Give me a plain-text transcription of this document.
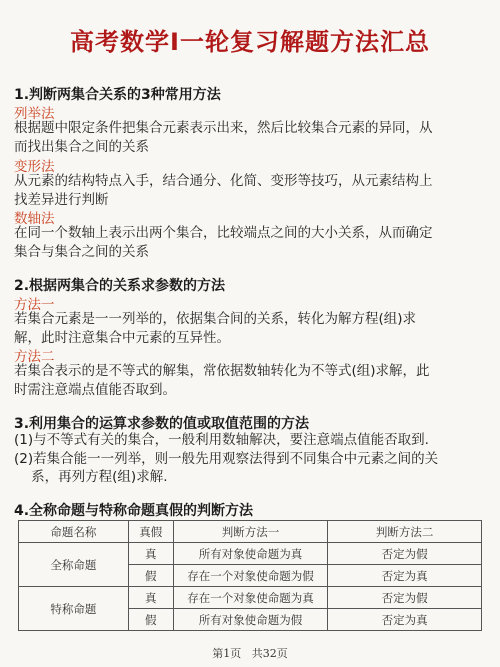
高考数学I一轮复习解题方法汇总
1.判断两集合关系的3种常用方法
列举法
根据题中限定条件把集合元素表示出来，然后比较集合元素的异同，从
而找出集合之间的关系
变形法
从元素的结构特点入手，结合通分、化简、变形等技巧，从元素结构上
找差异进行判断
数轴法
在同一个数轴上表示出两个集合，比较端点之间的大小关系，从而确定
集合与集合之间的关系
2.根据两集合的关系求参数的方法
方法一
若集合元素是一一列举的，依据集合间的关系，转化为解方程(组)求
解，此时注意集合中元素的互异性。
方法二
若集合表示的是不等式的解集，常依据数轴转化为不等式(组)求解，此
时需注意端点值能否取到。
3.利用集合的运算求参数的值或取值范围的方法
(1)与不等式有关的集合，一般利用数轴解决，要注意端点值能否取到.
(2)若集合能一一列举，则一般先用观察法得到不同集合中元素之间的关
系，再列方程(组)求解.
4.全称命题与特称命题真假的判断方法
命题名称	真假	判断方法一	判断方法二
全称命题	真	所有对象使命题为真	否定为假
	假	存在一个对象使命题为假	否定为真
特称命题	真	存在一个对象使命题为真	否定为假
	假	所有对象使命题为假	否定为真
第1页   共32页
